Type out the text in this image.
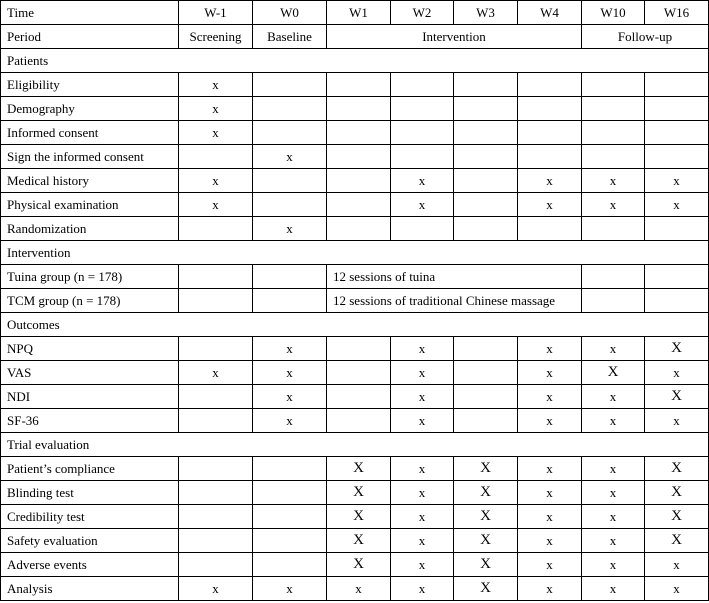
Time	W-1	W0	W1	W2	W3	W4	W10	W16
Period	Screening	Baseline	Intervention				Follow-up	
Patients								
Eligibility	x							
Demography	x							
Informed consent	x							
Sign the informed consent		x						
Medical history	x			x		x	x	x
Physical examination	x			x		x	x	x
Randomization		x						
Intervention								
Tuina group (n = 178)			12 sessions of tuina					
TCM group (n = 178)			12 sessions of traditional Chinese massage					
Outcomes								
NPQ		x		x		x	x	X
VAS	x	x		x		x	X	x
NDI		x		x		x	x	X
SF-36		x		x		x	x	x
Trial evaluation								
Patient’s compliance			X	x	X	x	x	X
Blinding test			X	x	X	x	x	X
Credibility test			X	x	X	x	x	X
Safety evaluation			X	x	X	x	x	X
Adverse events			X	x	X	x	x	x
Analysis	x	x	x	x	X	x	x	x
